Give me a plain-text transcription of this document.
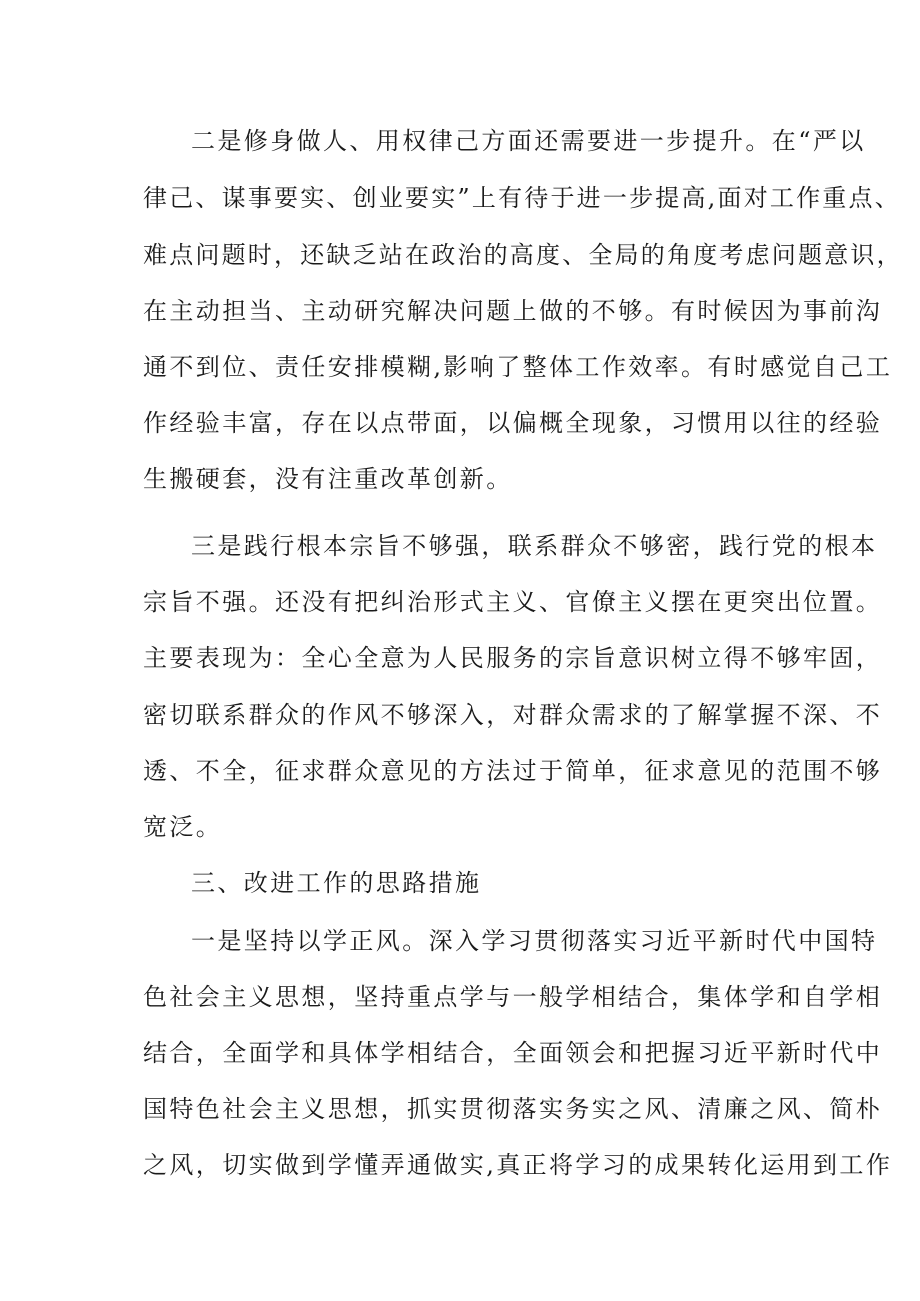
二是修身做人、用权律己方面还需要进一步提升。在“严以
律己、谋事要实、创业要实”上有待于进一步提高,面对工作重点、
难点问题时，还缺乏站在政治的高度、全局的角度考虑问题意识，
在主动担当、主动研究解决问题上做的不够。有时候因为事前沟
通不到位、责任安排模糊,影响了整体工作效率。有时感觉自己工
作经验丰富，存在以点带面，以偏概全现象，习惯用以往的经验
生搬硬套，没有注重改革创新。
三是践行根本宗旨不够强，联系群众不够密，践行党的根本
宗旨不强。还没有把纠治形式主义、官僚主义摆在更突出位置。
主要表现为：全心全意为人民服务的宗旨意识树立得不够牢固，
密切联系群众的作风不够深入，对群众需求的了解掌握不深、不
透、不全，征求群众意见的方法过于简单，征求意见的范围不够
宽泛。
三、改进工作的思路措施
一是坚持以学正风。深入学习贯彻落实习近平新时代中国特
色社会主义思想，坚持重点学与一般学相结合，集体学和自学相
结合，全面学和具体学相结合，全面领会和把握习近平新时代中
国特色社会主义思想，抓实贯彻落实务实之风、清廉之风、简朴
之风，切实做到学懂弄通做实,真正将学习的成果转化运用到工作
